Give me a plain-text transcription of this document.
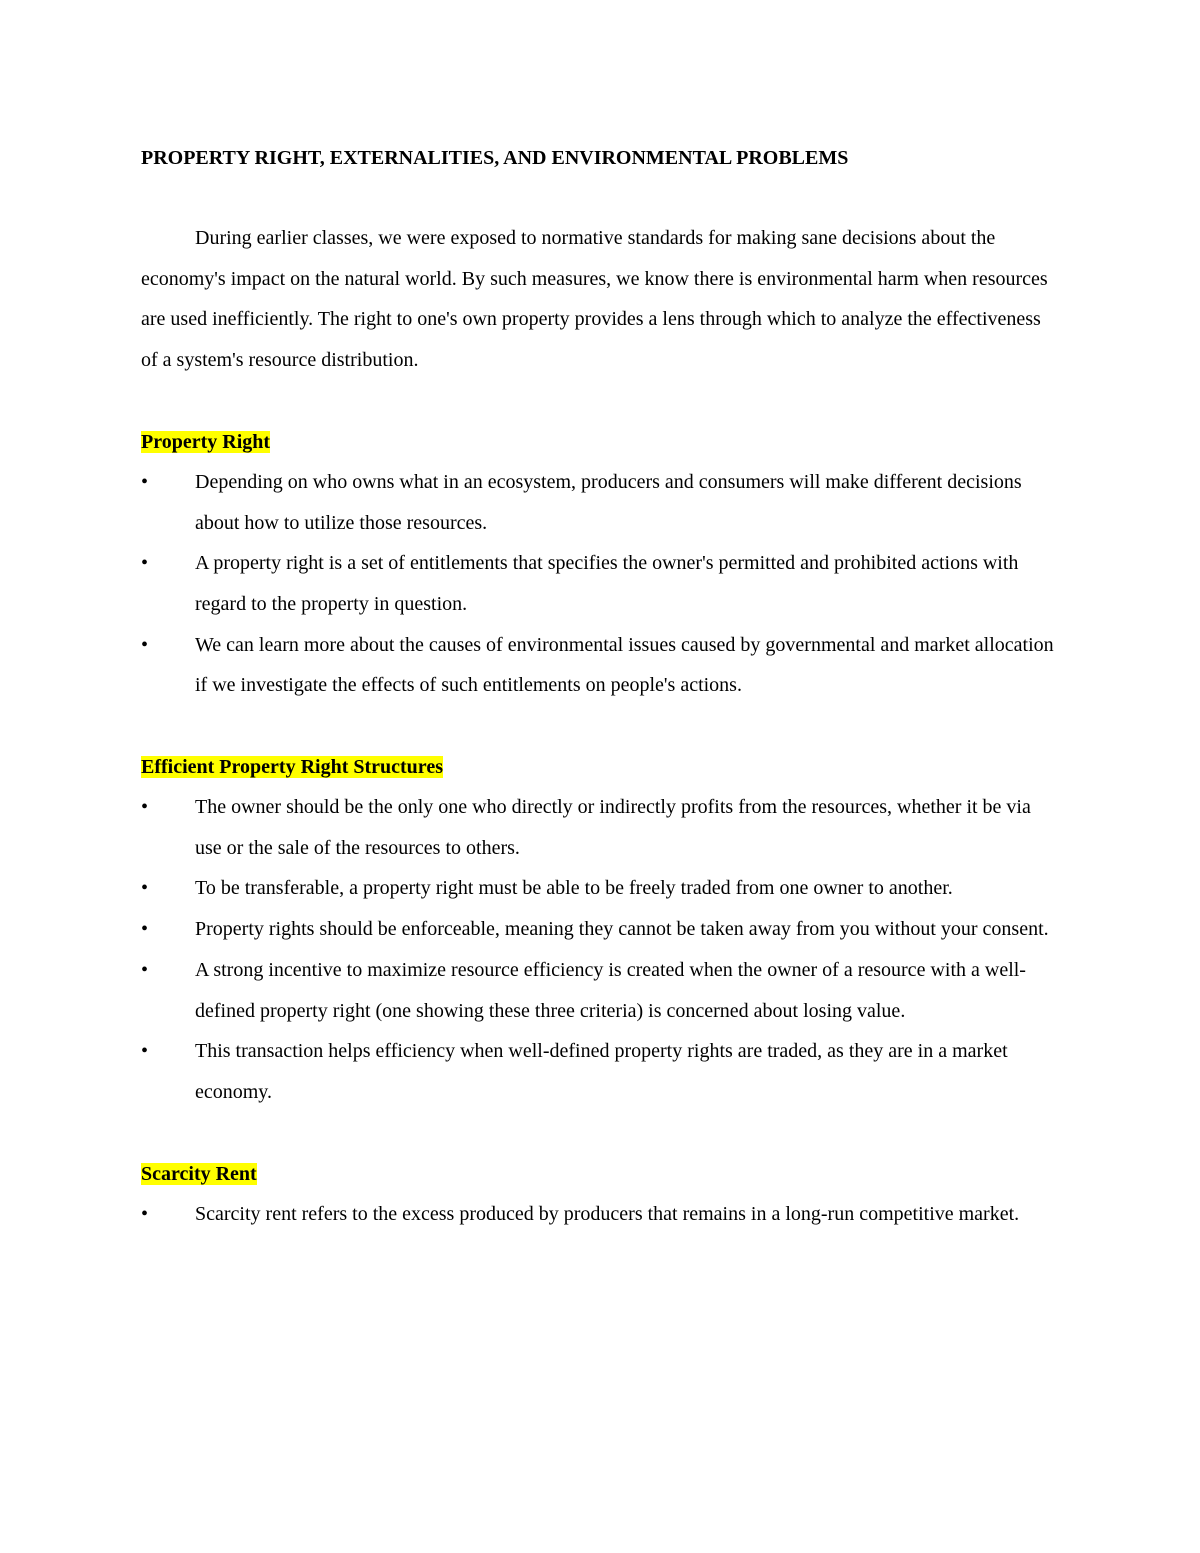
PROPERTY RIGHT, EXTERNALITIES, AND ENVIRONMENTAL PROBLEMS

During earlier classes, we were exposed to normative standards for making sane decisions about the economy's impact on the natural world. By such measures, we know there is environmental harm when resources are used inefficiently. The right to one's own property provides a lens through which to analyze the effectiveness of a system's resource distribution.

Property Right
•	Depending on who owns what in an ecosystem, producers and consumers will make different decisions about how to utilize those resources.
•	A property right is a set of entitlements that specifies the owner's permitted and prohibited actions with regard to the property in question.
•	We can learn more about the causes of environmental issues caused by governmental and market allocation if we investigate the effects of such entitlements on people's actions.
Efficient Property Right Structures
•	The owner should be the only one who directly or indirectly profits from the resources, whether it be via use or the sale of the resources to others.
•	To be transferable, a property right must be able to be freely traded from one owner to another.
•	Property rights should be enforceable, meaning they cannot be taken away from you without your consent.
•	A strong incentive to maximize resource efficiency is created when the owner of a resource with a well-defined property right (one showing these three criteria) is concerned about losing value.
•	This transaction helps efficiency when well-defined property rights are traded, as they are in a market economy.
Scarcity Rent
•	Scarcity rent refers to the excess produced by producers that remains in a long-run competitive market.
